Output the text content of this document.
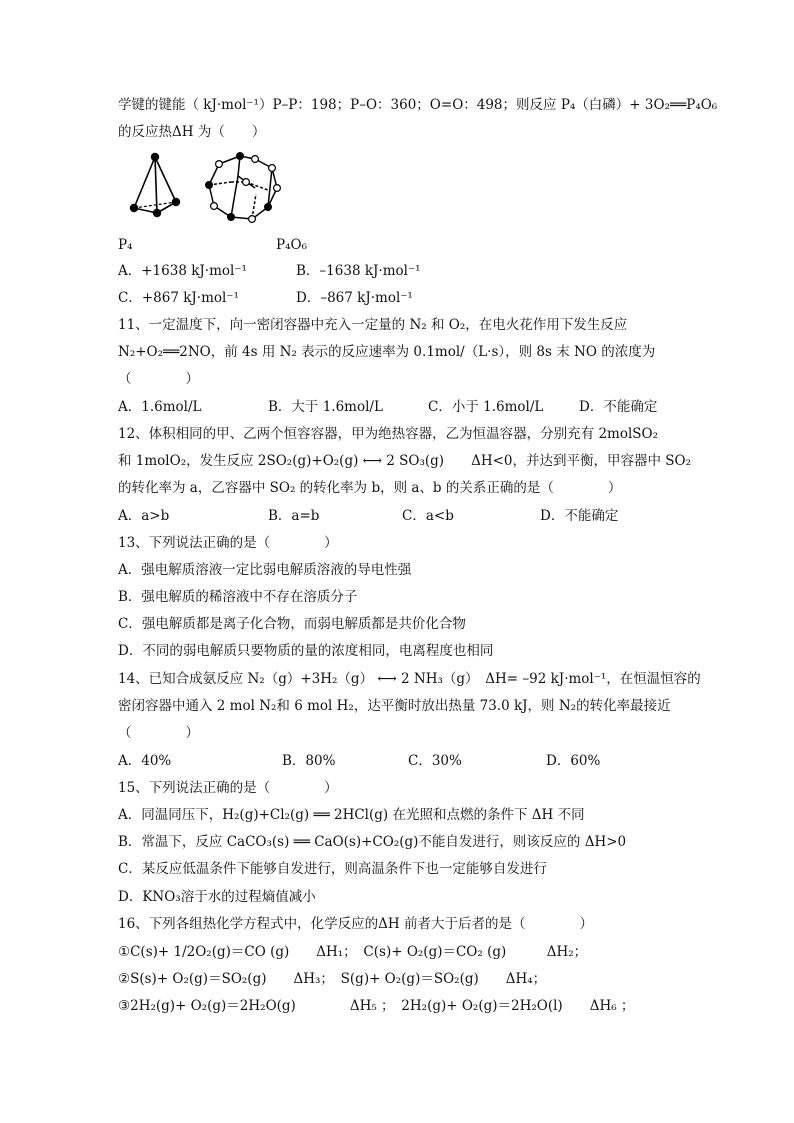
学键的键能（ kJ·mol⁻¹）P–P：198；P–O：360；O=O：498；则反应 P₄（白磷）+ 3O₂══P₄O₆
的反应热ΔH 为（　　）
P₄	P₄O₆
A．+1638 kJ·mol⁻¹	B．–1638 kJ·mol⁻¹
C．+867 kJ·mol⁻¹	D．–867 kJ·mol⁻¹
11、一定温度下，向一密闭容器中充入一定量的 N₂ 和 O₂，在电火花作用下发生反应
N₂+O₂══2NO，前 4s 用 N₂ 表示的反应速率为 0.1mol/（L·s），则 8s 末 NO 的浓度为
（　　　　）
A．1.6mol/L	B．大于 1.6mol/L	C．小于 1.6mol/L	D．不能确定
12、体积相同的甲、乙两个恒容容器，甲为绝热容器，乙为恒温容器，分别充有 2molSO₂
和 1molO₂，发生反应 2SO₂(g)+O₂(g) ⟷ 2 SO₃(g)　　ΔH<0，并达到平衡，甲容器中 SO₂
的转化率为 a，乙容器中 SO₂ 的转化率为 b，则 a、b 的关系正确的是（　　　　）
A．a>b	B．a=b	C．a<b	D．不能确定
13、下列说法正确的是（　　　　）
A．强电解质溶液一定比弱电解质溶液的导电性强
B．强电解质的稀溶液中不存在溶质分子
C．强电解质都是离子化合物，而弱电解质都是共价化合物
D．不同的弱电解质只要物质的量的浓度相同，电离程度也相同
14、已知合成氨反应 N₂（g）+3H₂（g） ⟷ 2 NH₃（g）　ΔH= –92 kJ·mol⁻¹，在恒温恒容的
密闭容器中通入 2 mol N₂和 6 mol H₂，达平衡时放出热量 73.0 kJ，则 N₂的转化率最接近
（　　　　）
A．40%	B．80%	C．30%	D．60%
15、下列说法正确的是（　　　　）
A．同温同压下，H₂(g)+Cl₂(g) ══ 2HCl(g) 在光照和点燃的条件下 ΔH 不同
B．常温下，反应 CaCO₃(s) ══ CaO(s)+CO₂(g)不能自发进行，则该反应的 ΔH>0
C．某反应低温条件下能够自发进行，则高温条件下也一定能够自发进行
D．KNO₃溶于水的过程熵值减小
16、下列各组热化学方程式中，化学反应的ΔH 前者大于后者的是（　　　　）
①C(s)+ 1/2O₂(g)＝CO (g)　　ΔH₁；　C(s)+ O₂(g)＝CO₂ (g)　　　ΔH₂；
②S(s)+ O₂(g)＝SO₂(g)　　ΔH₃；　S(g)+ O₂(g)＝SO₂(g)　　ΔH₄；
③2H₂(g)+ O₂(g)＝2H₂O(g)　　　　ΔH₅ ；　2H₂(g)+ O₂(g)＝2H₂O(l)　　ΔH₆ ；
